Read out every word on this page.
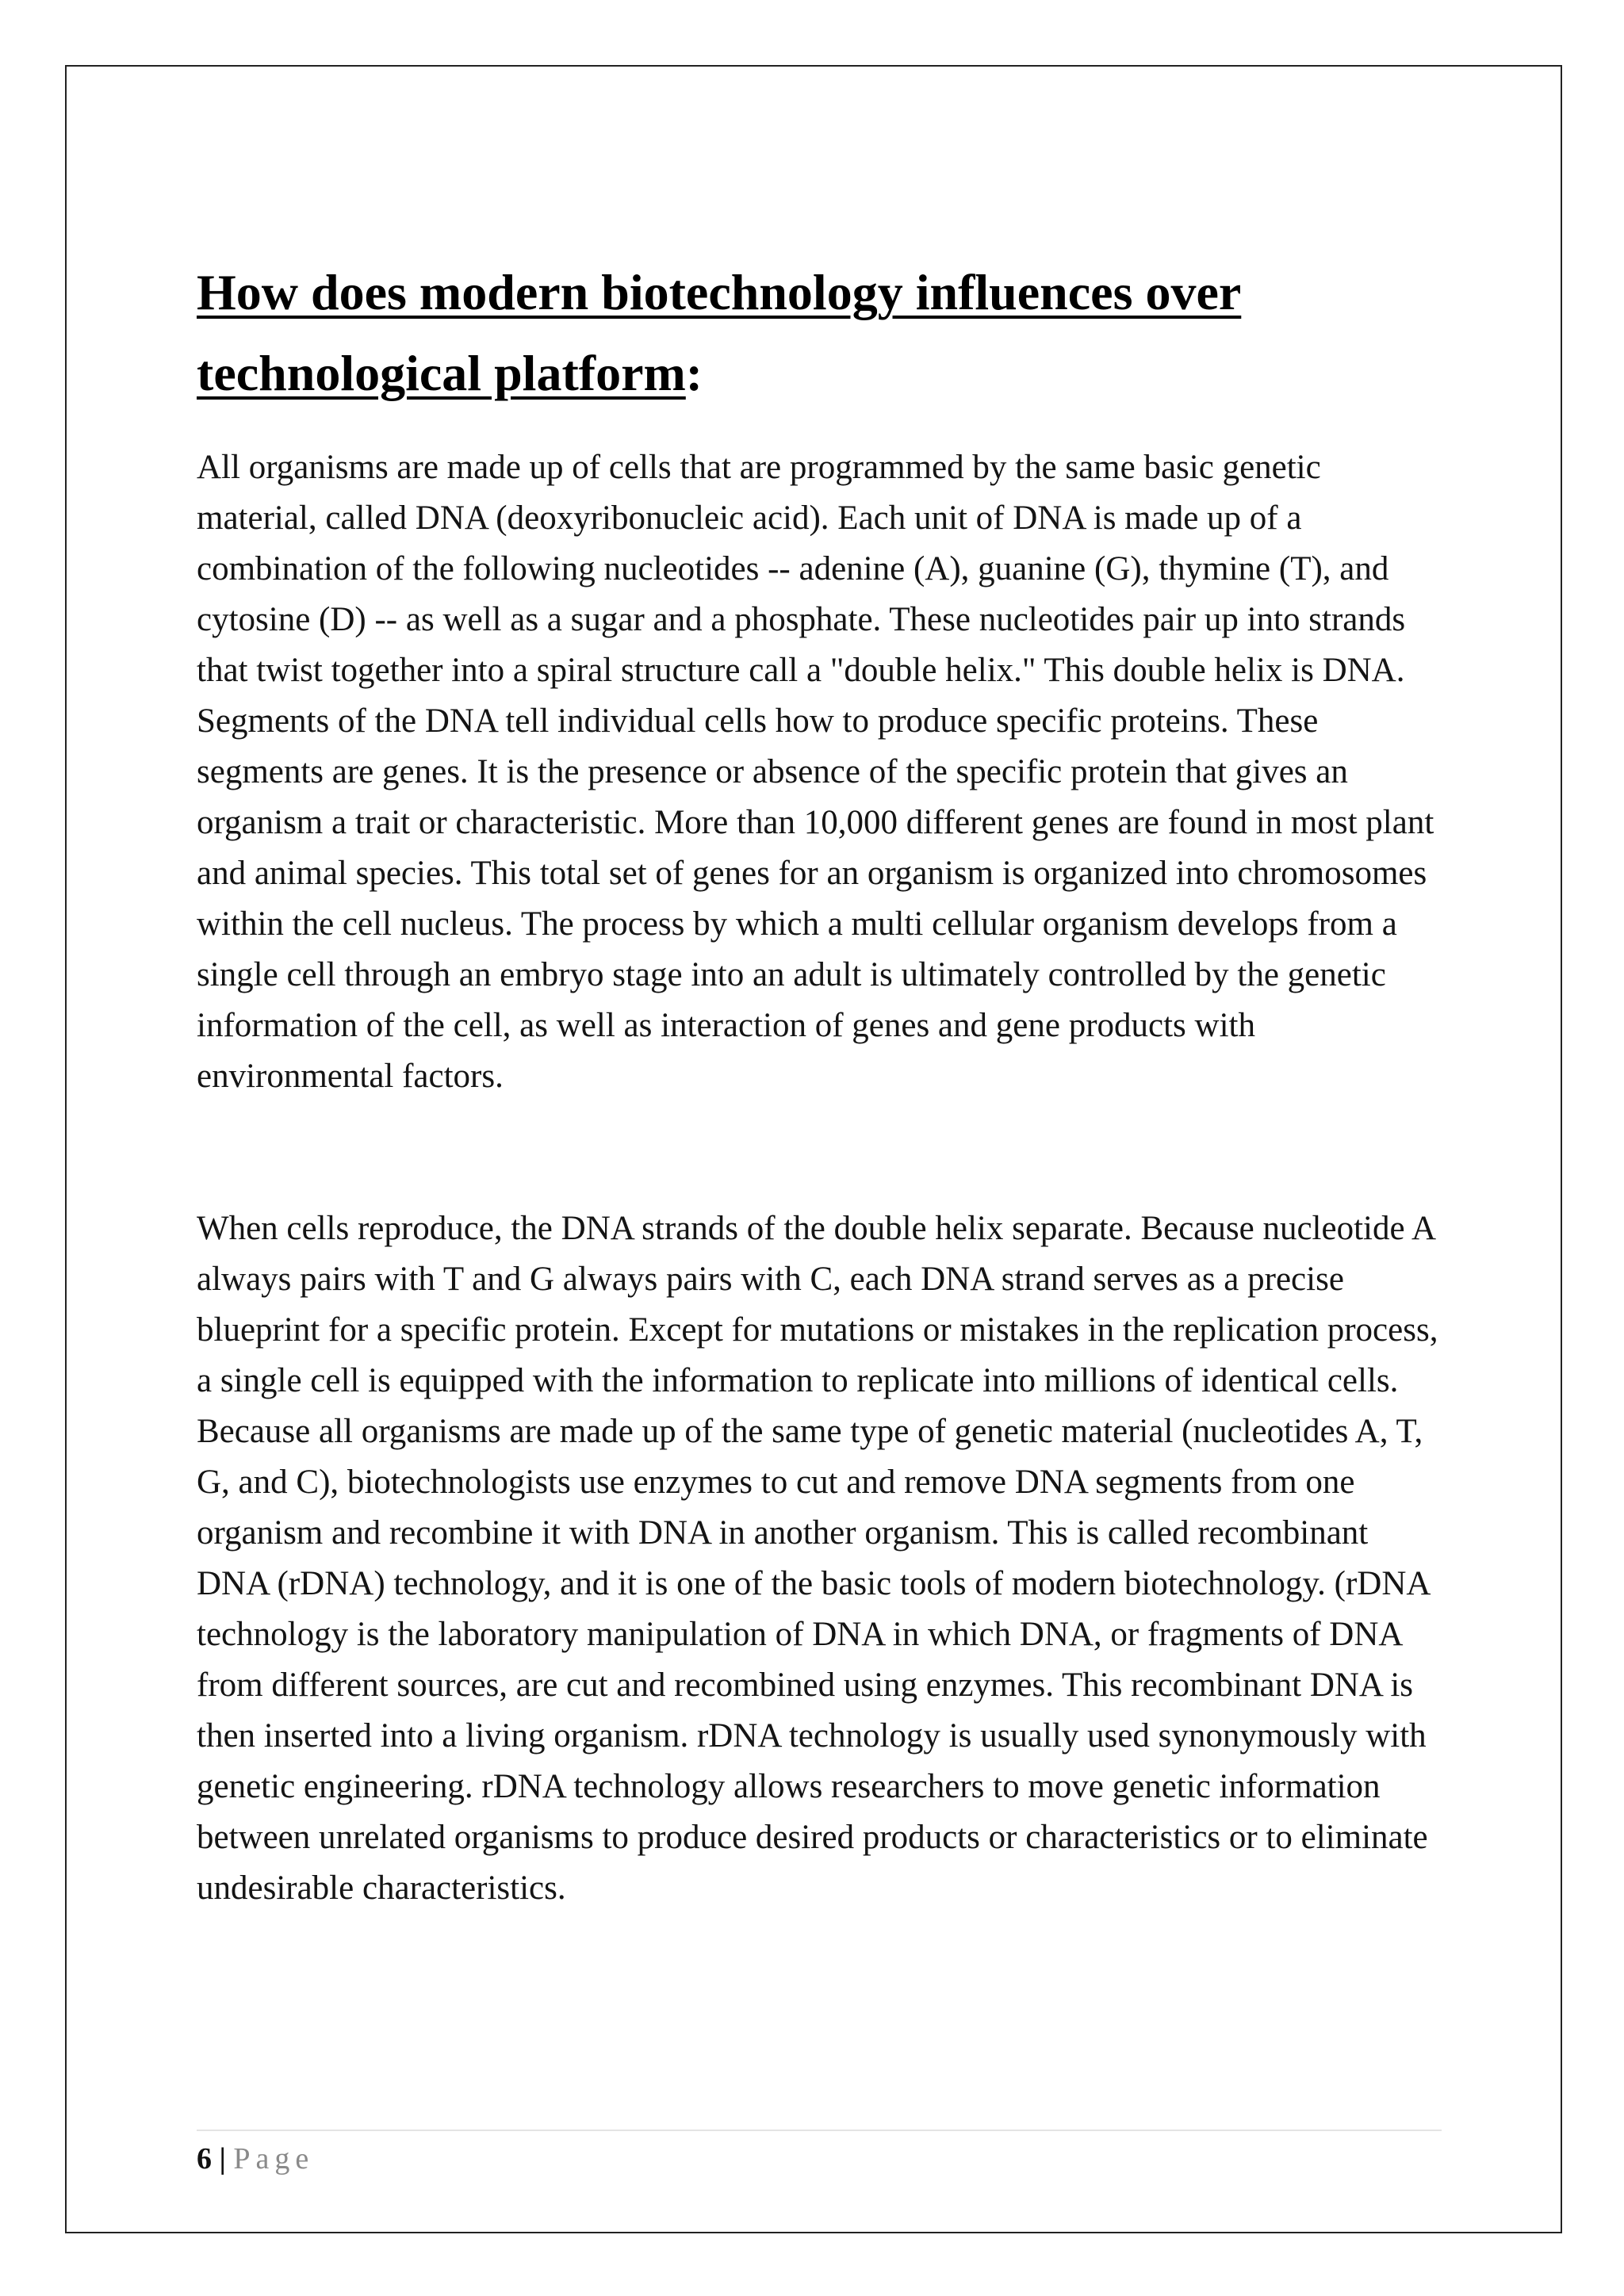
How does modern biotechnology influences over technological platform:

All organisms are made up of cells that are programmed by the same basic genetic material, called DNA (deoxyribonucleic acid). Each unit of DNA is made up of a combination of the following nucleotides -- adenine (A), guanine (G), thymine (T), and cytosine (D) -- as well as a sugar and a phosphate. These nucleotides pair up into strands that twist together into a spiral structure call a "double helix." This double helix is DNA. Segments of the DNA tell individual cells how to produce specific proteins. These segments are genes. It is the presence or absence of the specific protein that gives an organism a trait or characteristic. More than 10,000 different genes are found in most plant and animal species. This total set of genes for an organism is organized into chromosomes within the cell nucleus. The process by which a multi cellular organism develops from a single cell through an embryo stage into an adult is ultimately controlled by the genetic information of the cell, as well as interaction of genes and gene products with environmental factors.

When cells reproduce, the DNA strands of the double helix separate. Because nucleotide A always pairs with T and G always pairs with C, each DNA strand serves as a precise blueprint for a specific protein. Except for mutations or mistakes in the replication process, a single cell is equipped with the information to replicate into millions of identical cells. Because all organisms are made up of the same type of genetic material (nucleotides A, T, G, and C), biotechnologists use enzymes to cut and remove DNA segments from one organism and recombine it with DNA in another organism. This is called recombinant DNA (rDNA) technology, and it is one of the basic tools of modern biotechnology. (rDNA technology is the laboratory manipulation of DNA in which DNA, or fragments of DNA from different sources, are cut and recombined using enzymes. This recombinant DNA is then inserted into a living organism. rDNA technology is usually used synonymously with genetic engineering. rDNA technology allows researchers to move genetic information between unrelated organisms to produce desired products or characteristics or to eliminate undesirable characteristics.

6 | Page
